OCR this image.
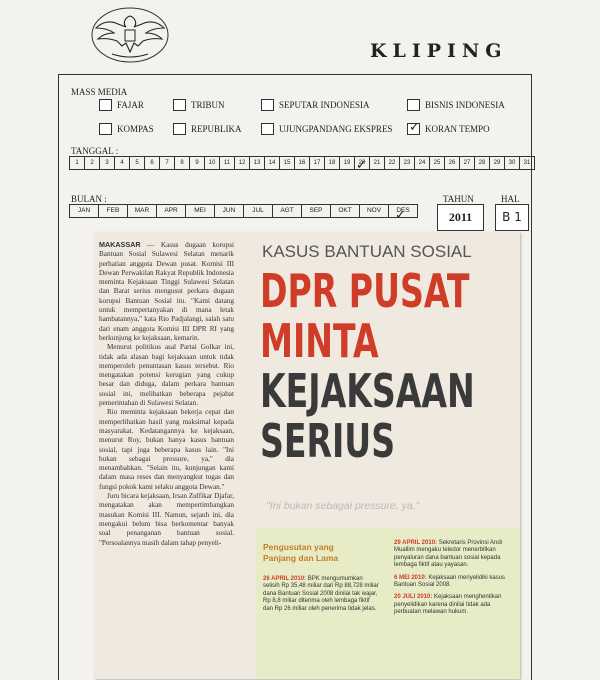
KLIPING
MASS MEDIA
FAJAR	TRIBUN	SEPUTAR INDONESIA	BISNIS INDONESIA
KOMPAS	REPUBLIKA	UJUNGPANDANG EKSPRES
✓	KORAN TEMPO
TANGGAL :
1	2	3	4	5	6	7	8	9	10	11	12	13	14	15	16	17	18	19	20 ✓	21	22	23	24	25	26	27	28	29	30	31
BULAN :
JAN	FEB	MAR	APR	MEI	JUN	JUL	AGT	SEP	OKT	NOV	DES ✓
TAHUN
2011
HAL
B 1

MAKASSAR — Kasus dugaan korupsi Bantuan Sosial Sulawesi Selatan menarik perhatian anggota Dewan pusat. Komisi III Dewan Perwakilan Rakyat Republik Indonesia meminta Kejaksaan Tinggi Sulawesi Selatan dan Barat serius mengusut perkara dugaan korupsi Bantuan Sosial itu. "Kami datang untuk mempertanyakan di mana letak hambatannya," kata Rio Padjalangi, salah satu dari enam anggota Komisi III DPR RI yang berkunjung ke kejaksaan, kemarin.

Menurut politikus asal Partai Golkar ini, tidak ada alasan bagi kejaksaan untuk tidak memperoleh penuntasan kasus tersebut. Rio mengatakan potensi kerugian yang cukup besar dan diduga, dalam perkara bantuan sosial ini, melibatkan beberapa pejabat pemerintahan di Sulawesi Selatan.

Rio meminta kejaksaan bekerja cepat dan memperlihatkan hasil yang maksimal kepada masyarakat. Kedatangannya ke kejaksaan, menurut Roy, bukan hanya kasus bantuan sosial, tapi juga beberapa kasus lain. "Ini bukan sebagai pressure, ya," dia menambahkan. "Selain itu, kunjungan kami dalam masa reses dan menyangkut tugas dan fungsi pokok kami selaku anggota Dewan."

Juru bicara kejaksaan, Irsan Zulfikar Djafar, mengatakan akan mempertimbangkan masukan Komisi III. Namun, sejauh ini, dia mengakui belum bisa berkomentar banyak soal penanganan bantuan sosial. "Persoalannya masih dalam tahap penyeli-

KASUS BANTUAN SOSIAL
DPR PUSAT
MINTA
KEJAKSAAN
SERIUS
"Ini bukan sebagai pressure, ya."
Pengusutan yang Panjang dan Lama

26 APRIL 2010: BPK mengumumkan selisih Rp 35,48 miliar dari Rp 88,728 miliar dana Bantuan Sosial 2008 dinilai tak wajar, Rp 8,8 miliar diterima oleh lembaga fiktif dan Rp 26 miliar oleh penerima tidak jelas.

29 APRIL 2010: Sekretaris Provinsi Andi Muallim mengaku teledor menerbitkan penyaluran dana bantuan sosial kepada lembaga fiktif atau yayasan.

6 MEI 2010: Kejaksaan menyelidiki kasus Bantuan Sosial 2008.

20 JULI 2010: Kejaksaan menghentikan penyelidikan karena dinilai tidak ada perbuatan melawan hukum.
